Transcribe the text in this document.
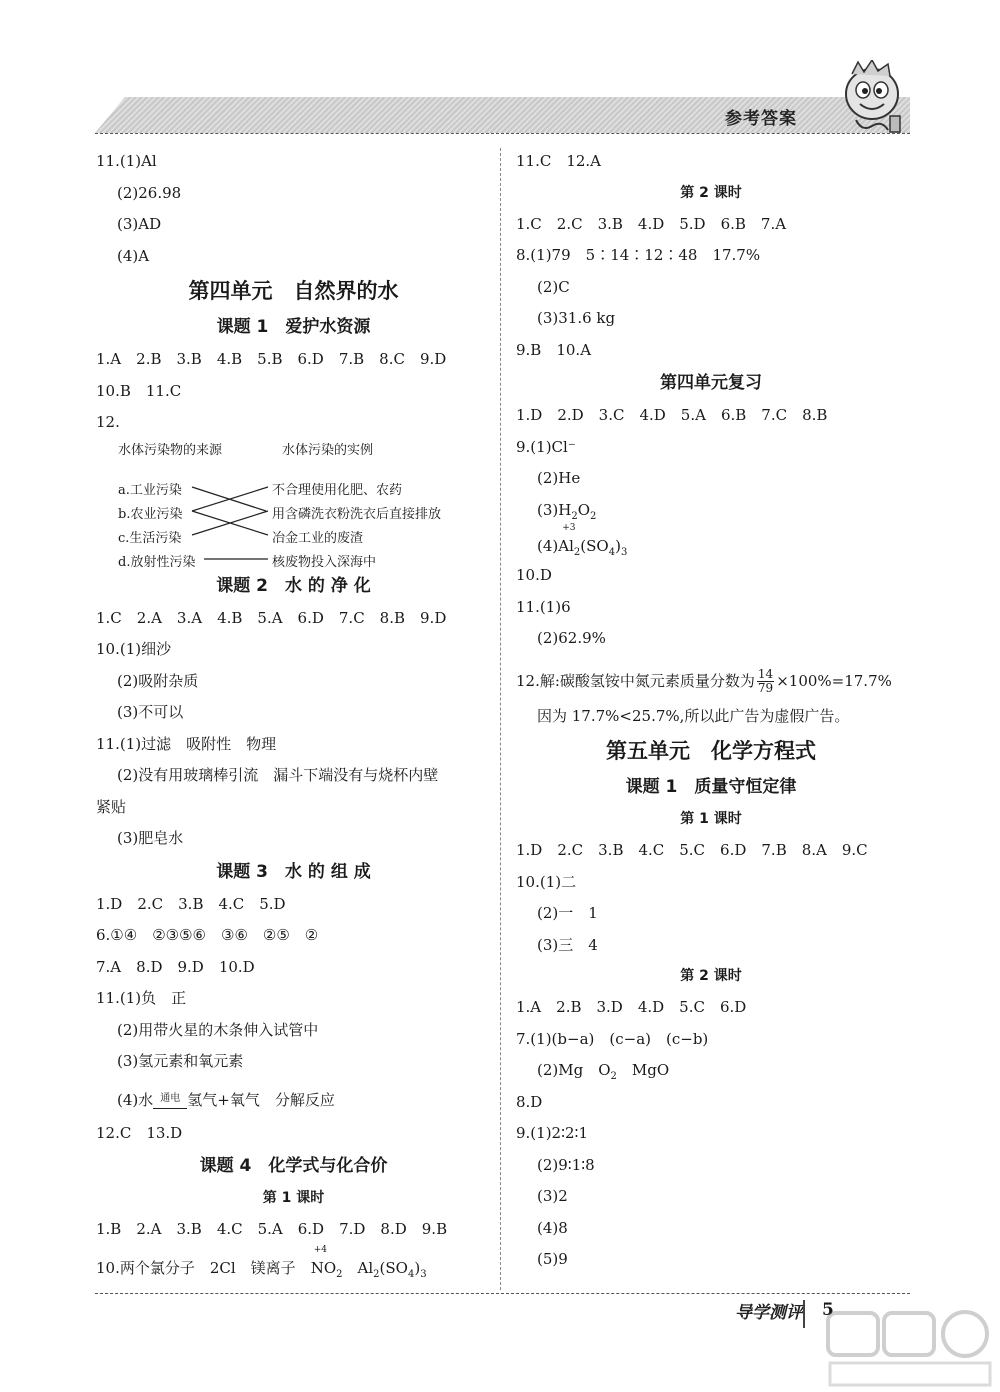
参考答案
11.(1)Al
(2)26.98
(3)AD
(4)A
第四单元　自然界的水
课题 1　爱护水资源
1.A　2.B　3.B　4.B　5.B　6.D　7.B　8.C　9.D
10.B　11.C
12.
水体污染物的来源	水体污染的实例
a.工业污染
b.农业污染
c.生活污染
d.放射性污染
不合理使用化肥、农药
用含磷洗衣粉洗衣后直接排放
冶金工业的废渣
核废物投入深海中
课题 2　水 的 净 化
1.C　2.A　3.A　4.B　5.A　6.D　7.C　8.B　9.D
10.(1)细沙
(2)吸附杂质
(3)不可以
11.(1)过滤　吸附性　物理
(2)没有用玻璃棒引流　漏斗下端没有与烧杯内壁
紧贴
(3)肥皂水
课题 3　水 的 组 成
1.D　2.C　3.B　4.C　5.D
6.①④　②③⑤⑥　③⑥　②⑤　②
7.A　8.D　9.D　10.D
11.(1)负　正
(2)用带火星的木条伸入试管中
(3)氢元素和氧元素
(4)水 通电 氢气+氧气　分解反应
12.C　13.D
课题 4　化学式与化合价
第 1 课时
1.B　2.A　3.B　4.C　5.A　6.D　7.D　8.D　9.B
10.两个氯分子　2Cl　镁离子　
+4
$NO_2$　$Al_2(SO_4)_3$
11.C　12.A
第 2 课时
1.C　2.C　3.B　4.D　5.D　6.B　7.A
8.(1)79　5∶14∶12∶48　17.7%
(2)C
(3)31.6 kg
9.B　10.A
第四单元复习
1.D　2.D　3.C　4.D　5.A　6.B　7.C　8.B
9.(1)Cl⁻
(2)He
$(3)H_2O_2$
(4)
+3
$Al_2(SO_4)_3$
10.D
11.(1)6
(2)62.9%
12.解:碳酸氢铵中氮元素质量分数为 $\frac{14}{79} \times 100\%=17.7\%$
因为 17.7%<25.7%,所以此广告为虚假广告。
第五单元　化学方程式
课题 1　质量守恒定律
第 1 课时
1.D　2.C　3.B　4.C　5.C　6.D　7.B　8.A　9.C
10.(1)二
(2)一　1
(3)三　4
第 2 课时
1.A　2.B　3.D　4.D　5.C　6.D
7.(1)(b−a)　(c−a)　(c−b)
(2)Mg　$O_2$　MgO
8.D
9.(1)2∶2∶1
(2)9∶1∶8
(3)2
(4)8
(5)9
导学测评 5
